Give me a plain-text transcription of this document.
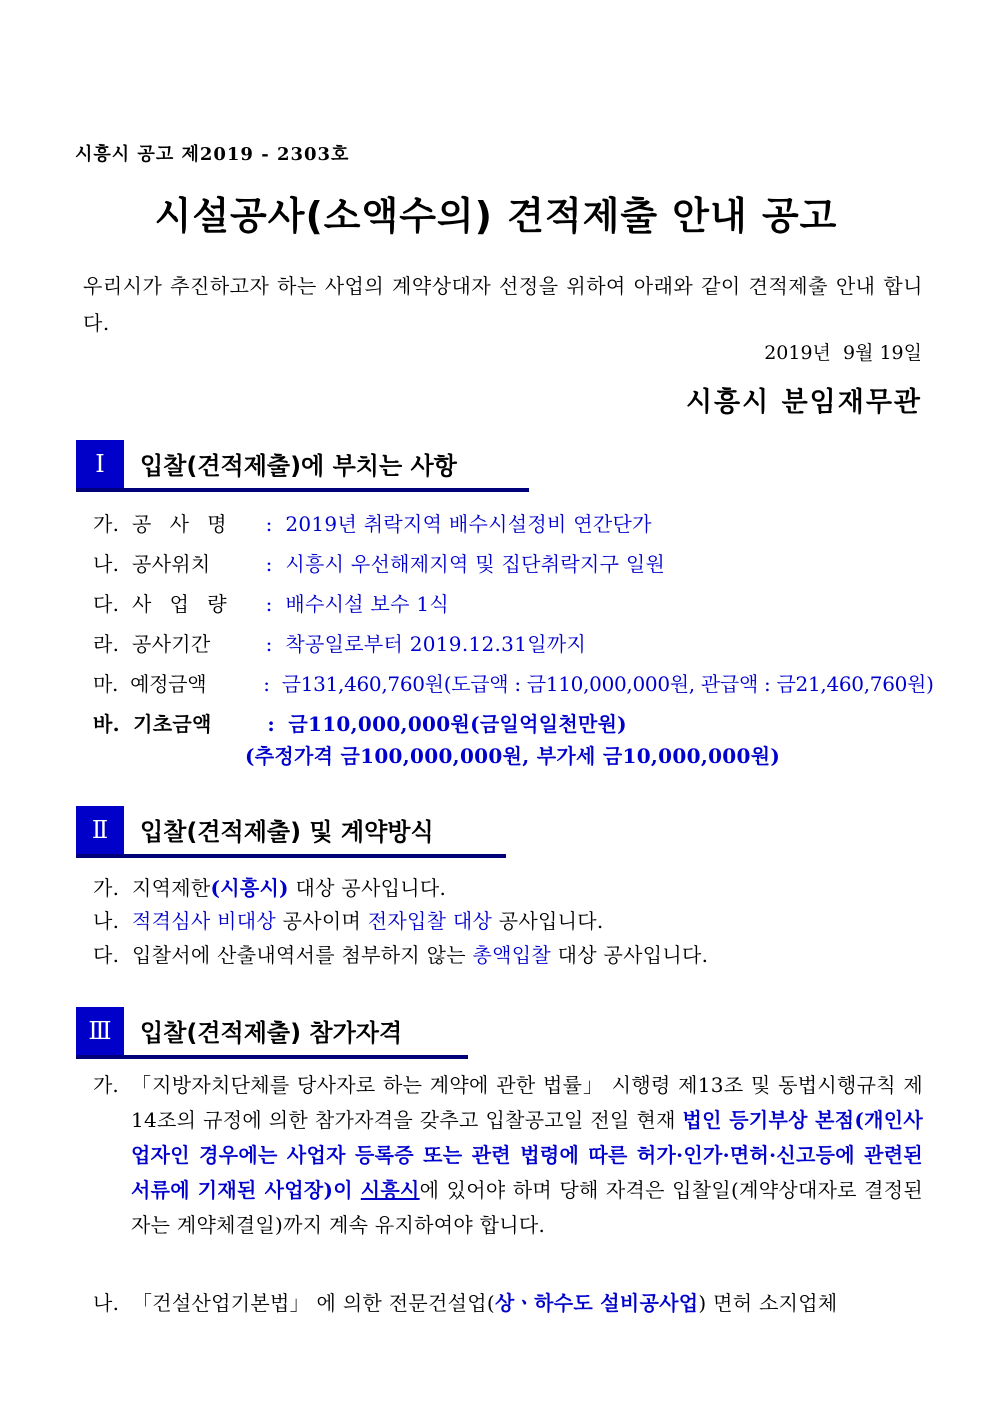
시흥시 공고 제2019 - 2303호
시설공사(소액수의) 견적제출 안내 공고
우리시가 추진하고자 하는 사업의 계약상대자 선정을 위하여 아래와 같이 견적제출 안내 합니다.
2019년  9월 19일
시흥시 분임재무관
Ⅰ	입찰(견적제출)에 부치는 사항
가. 공 사 명 : 2019년 취락지역 배수시설정비 연간단가
나. 공사위치	: 시흥시 우선해제지역 및 집단취락지구 일원
다. 사 업 량 : 배수시설 보수 1식
라. 공사기간	: 착공일로부터 2019.12.31일까지
마. 예정금액	: 금131,460,760원(도급액 : 금110,000,000원, 관급액 : 금21,460,760원)
바. 기초금액	: 금110,000,000원(금일억일천만원)
(추정가격 금100,000,000원, 부가세 금10,000,000원)
Ⅱ	입찰(견적제출) 및 계약방식
가. 지역제한(시흥시) 대상 공사입니다.
나. 적격심사 비대상 공사이며 전자입찰 대상 공사입니다.
다. 입찰서에 산출내역서를 첨부하지 않는 총액입찰 대상 공사입니다.
Ⅲ	입찰(견적제출) 참가자격
가. 「지방자치단체를 당사자로 하는 계약에 관한 법률」 시행령 제13조 및 동법시행규칙 제14조의 규정에 의한 참가자격을 갖추고 입찰공고일 전일 현재 법인 등기부상 본점(개인사업자인 경우에는 사업자 등록증 또는 관련 법령에 따른 허가·인가·면허·신고등에 관련된 서류에 기재된 사업장)이 시흥시에 있어야 하며 당해 자격은 입찰일(계약상대자로 결정된 자는 계약체결일)까지 계속 유지하여야 합니다.
나. 「건설산업기본법」 에 의한 전문건설업(상ㆍ하수도 설비공사업) 면허 소지업체
